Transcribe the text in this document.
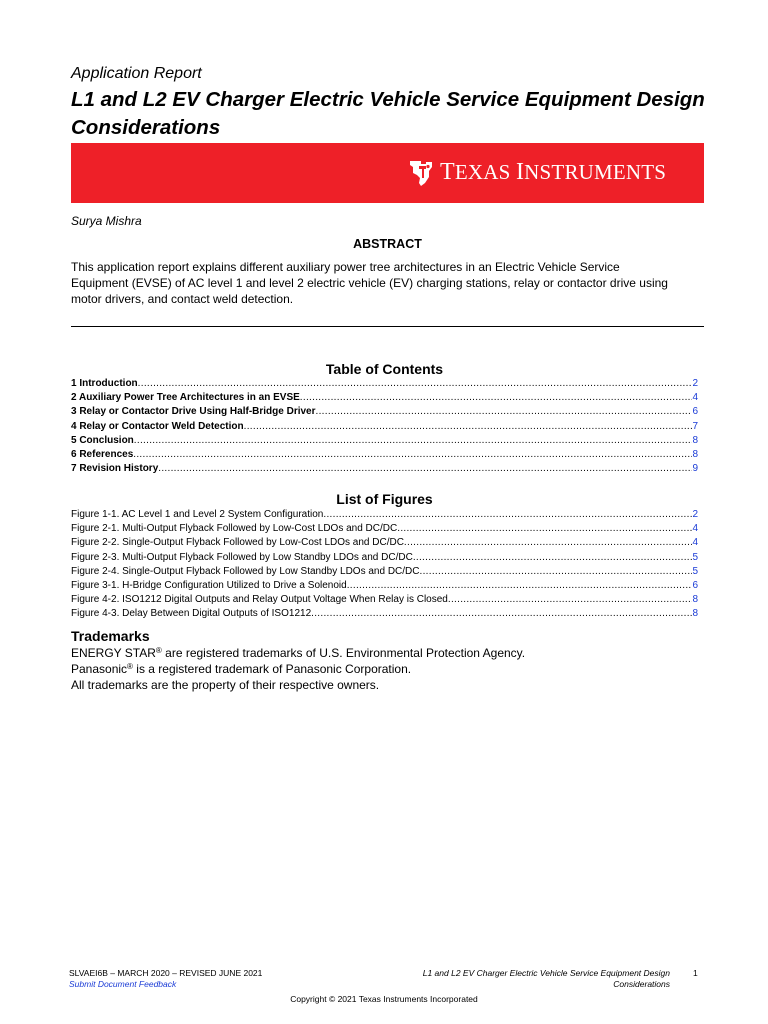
Application Report
L1 and L2 EV Charger Electric Vehicle Service Equipment Design Considerations
TEXAS INSTRUMENTS
Surya Mishra
ABSTRACT
This application report explains different auxiliary power tree architectures in an Electric Vehicle Service Equipment (EVSE) of AC level 1 and level 2 electric vehicle (EV) charging stations, relay or contactor drive using motor drivers, and contact weld detection.
Table of Contents
1 Introduction .....	2
2 Auxiliary Power Tree Architectures in an EVSE .....	4
3 Relay or Contactor Drive Using Half-Bridge Driver .....	6
4 Relay or Contactor Weld Detection .....	7
5 Conclusion .....	8
6 References .....	8
7 Revision History .....	9
List of Figures
Figure 1-1. AC Level 1 and Level 2 System Configuration .....	2
Figure 2-1. Multi-Output Flyback Followed by Low-Cost LDOs and DC/DC .....	4
Figure 2-2. Single-Output Flyback Followed by Low-Cost LDOs and DC/DC .....	4
Figure 2-3. Multi-Output Flyback Followed by Low Standby LDOs and DC/DC .....	5
Figure 2-4. Single-Output Flyback Followed by Low Standby LDOs and DC/DC .....	5
Figure 3-1. H-Bridge Configuration Utilized to Drive a Solenoid .....	6
Figure 4-2. ISO1212 Digital Outputs and Relay Output Voltage When Relay is Closed .....	8
Figure 4-3. Delay Between Digital Outputs of ISO1212 .....	8
Trademarks
ENERGY STAR® are registered trademarks of U.S. Environmental Protection Agency.
Panasonic® is a registered trademark of Panasonic Corporation.
All trademarks are the property of their respective owners.
SLVAEI6B – MARCH 2020 – REVISED JUNE 2021
Submit Document Feedback
L1 and L2 EV Charger Electric Vehicle Service Equipment Design Considerations
1
Copyright © 2021 Texas Instruments Incorporated
